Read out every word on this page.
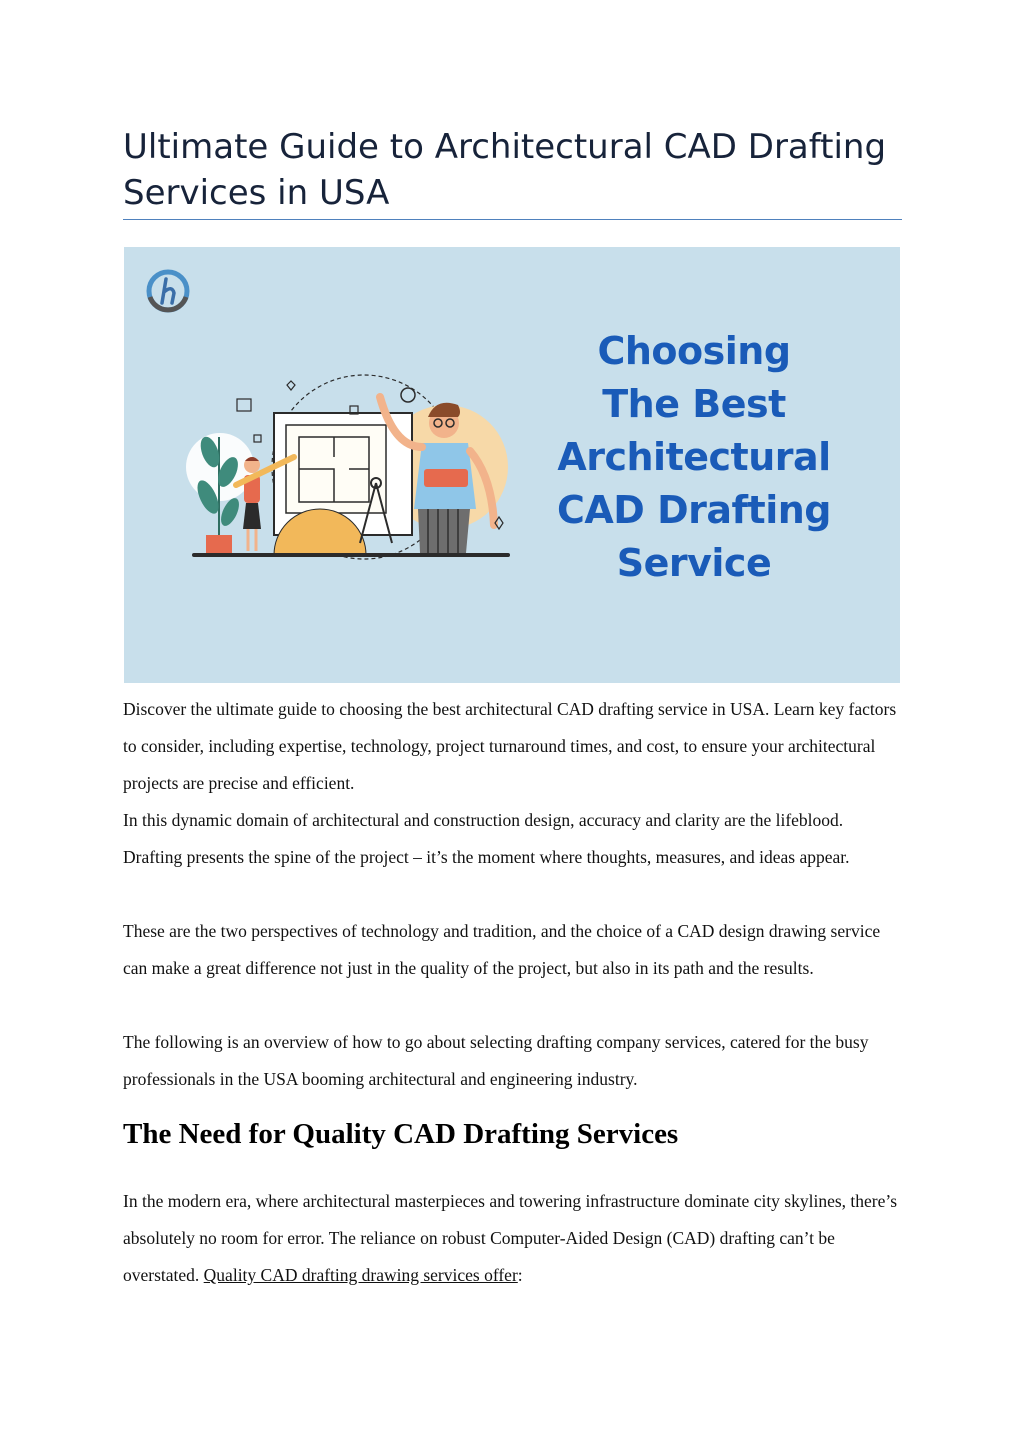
Ultimate Guide to Architectural CAD Drafting Services in USA
Choosing
The Best
Architectural
CAD Drafting
Service

Discover the ultimate guide to choosing the best architectural CAD drafting service in USA. Learn key factors to consider, including expertise, technology, project turnaround times, and cost, to ensure your architectural projects are precise and efficient.

In this dynamic domain of architectural and construction design, accuracy and clarity are the lifeblood. Drafting presents the spine of the project – it’s the moment where thoughts, measures, and ideas appear.

These are the two perspectives of technology and tradition, and the choice of a CAD design drawing service can make a great difference not just in the quality of the project, but also in its path and the results.

The following is an overview of how to go about selecting drafting company services, catered for the busy professionals in the USA booming architectural and engineering industry.

The Need for Quality CAD Drafting Services

In the modern era, where architectural masterpieces and towering infrastructure dominate city skylines, there’s absolutely no room for error. The reliance on robust Computer-Aided Design (CAD) drafting can’t be overstated. Quality CAD drafting drawing services offer:
